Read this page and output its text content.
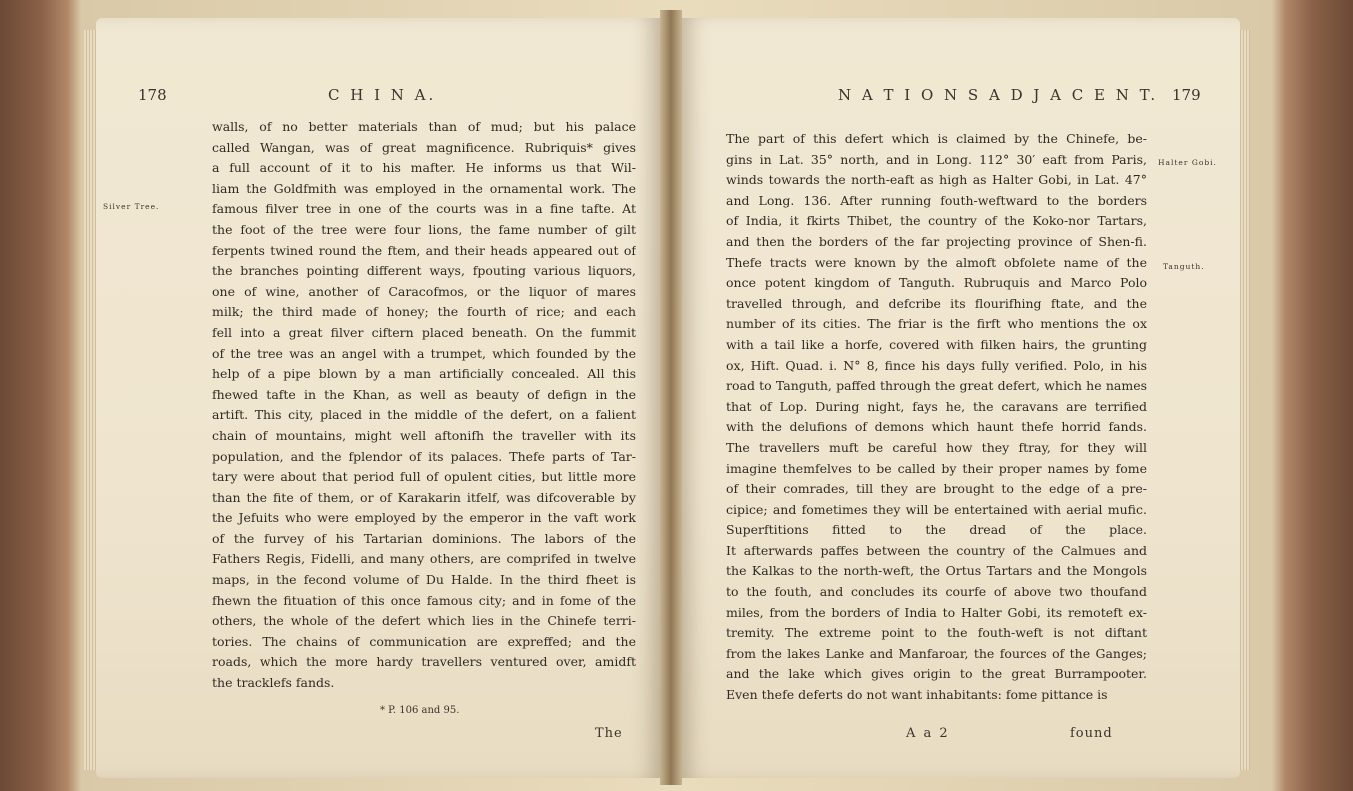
178	C H I N A.
Silver Tree.
walls, of no better materials than of mud; but his palace
called Wangan, was of great magnificence. Rubriquis* gives
a full account of it to his mafter. He informs us that Wil-
liam the Goldfmith was employed in the ornamental work. The
famous filver tree in one of the courts was in a fine tafte. At
the foot of the tree were four lions, the fame number of gilt
ferpents twined round the ftem, and their heads appeared out of
the branches pointing different ways, fpouting various liquors,
one of wine, another of Caracofmos, or the liquor of mares
milk; the third made of honey; the fourth of rice; and each
fell into a great filver ciftern placed beneath. On the fummit
of the tree was an angel with a trumpet, which founded by the
help of a pipe blown by a man artificially concealed. All this
fhewed tafte in the Khan, as well as beauty of defign in the
artift. This city, placed in the middle of the defert, on a falient
chain of mountains, might well aftonifh the traveller with its
population, and the fplendor of its palaces. Thefe parts of Tar-
tary were about that period full of opulent cities, but little more
than the fite of them, or of Karakarin itfelf, was difcoverable by
the Jefuits who were employed by the emperor in the vaft work
of the furvey of his Tartarian dominions. The labors of the
Fathers Regis, Fidelli, and many others, are comprifed in twelve
maps, in the fecond volume of Du Halde. In the third fheet is
fhewn the fituation of this once famous city; and in fome of the
others, the whole of the defert which lies in the Chinefe terri-
tories. The chains of communication are expreffed; and the
roads, which the more hardy travellers ventured over, amidft
the tracklefs fands.
* P. 106 and 95.
The
N A T I O N S A D J A C E N T. 179
Halter Gobi.
Tanguth.
The part of this defert which is claimed by the Chinefe, be-
gins in Lat. 35° north, and in Long. 112° 30′ eaft from Paris,
winds towards the north-eaft as high as Halter Gobi, in Lat. 47°
and Long. 136. After running fouth-weftward to the borders
of India, it fkirts Thibet, the country of the Koko-nor Tartars,
and then the borders of the far projecting province of Shen-fi.
Thefe tracts were known by the almoft obfolete name of the
once potent kingdom of Tanguth. Rubruquis and Marco Polo
travelled through, and defcribe its flourifhing ftate, and the
number of its cities. The friar is the firft who mentions the ox
with a tail like a horfe, covered with filken hairs, the grunting
ox, Hift. Quad. i. N° 8, fince his days fully verified. Polo, in his
road to Tanguth, paffed through the great defert, which he names
that of Lop. During night, fays he, the caravans are terrified
with the delufions of demons which haunt thefe horrid fands.
The travellers muft be careful how they ftray, for they will
imagine themfelves to be called by their proper names by fome
of their comrades, till they are brought to the edge of a pre-
cipice; and fometimes they will be entertained with aerial mufic.
Superftitions fitted to the dread of the place.
It afterwards paffes between the country of the Calmues and
the Kalkas to the north-weft, the Ortus Tartars and the Mongols
to the fouth, and concludes its courfe of above two thoufand
miles, from the borders of India to Halter Gobi, its remoteft ex-
tremity. The extreme point to the fouth-weft is not diftant
from the lakes Lanke and Manfaroar, the fources of the Ganges;
and the lake which gives origin to the great Burrampooter.
Even thefe deferts do not want inhabitants: fome pittance is
A a 2	found
